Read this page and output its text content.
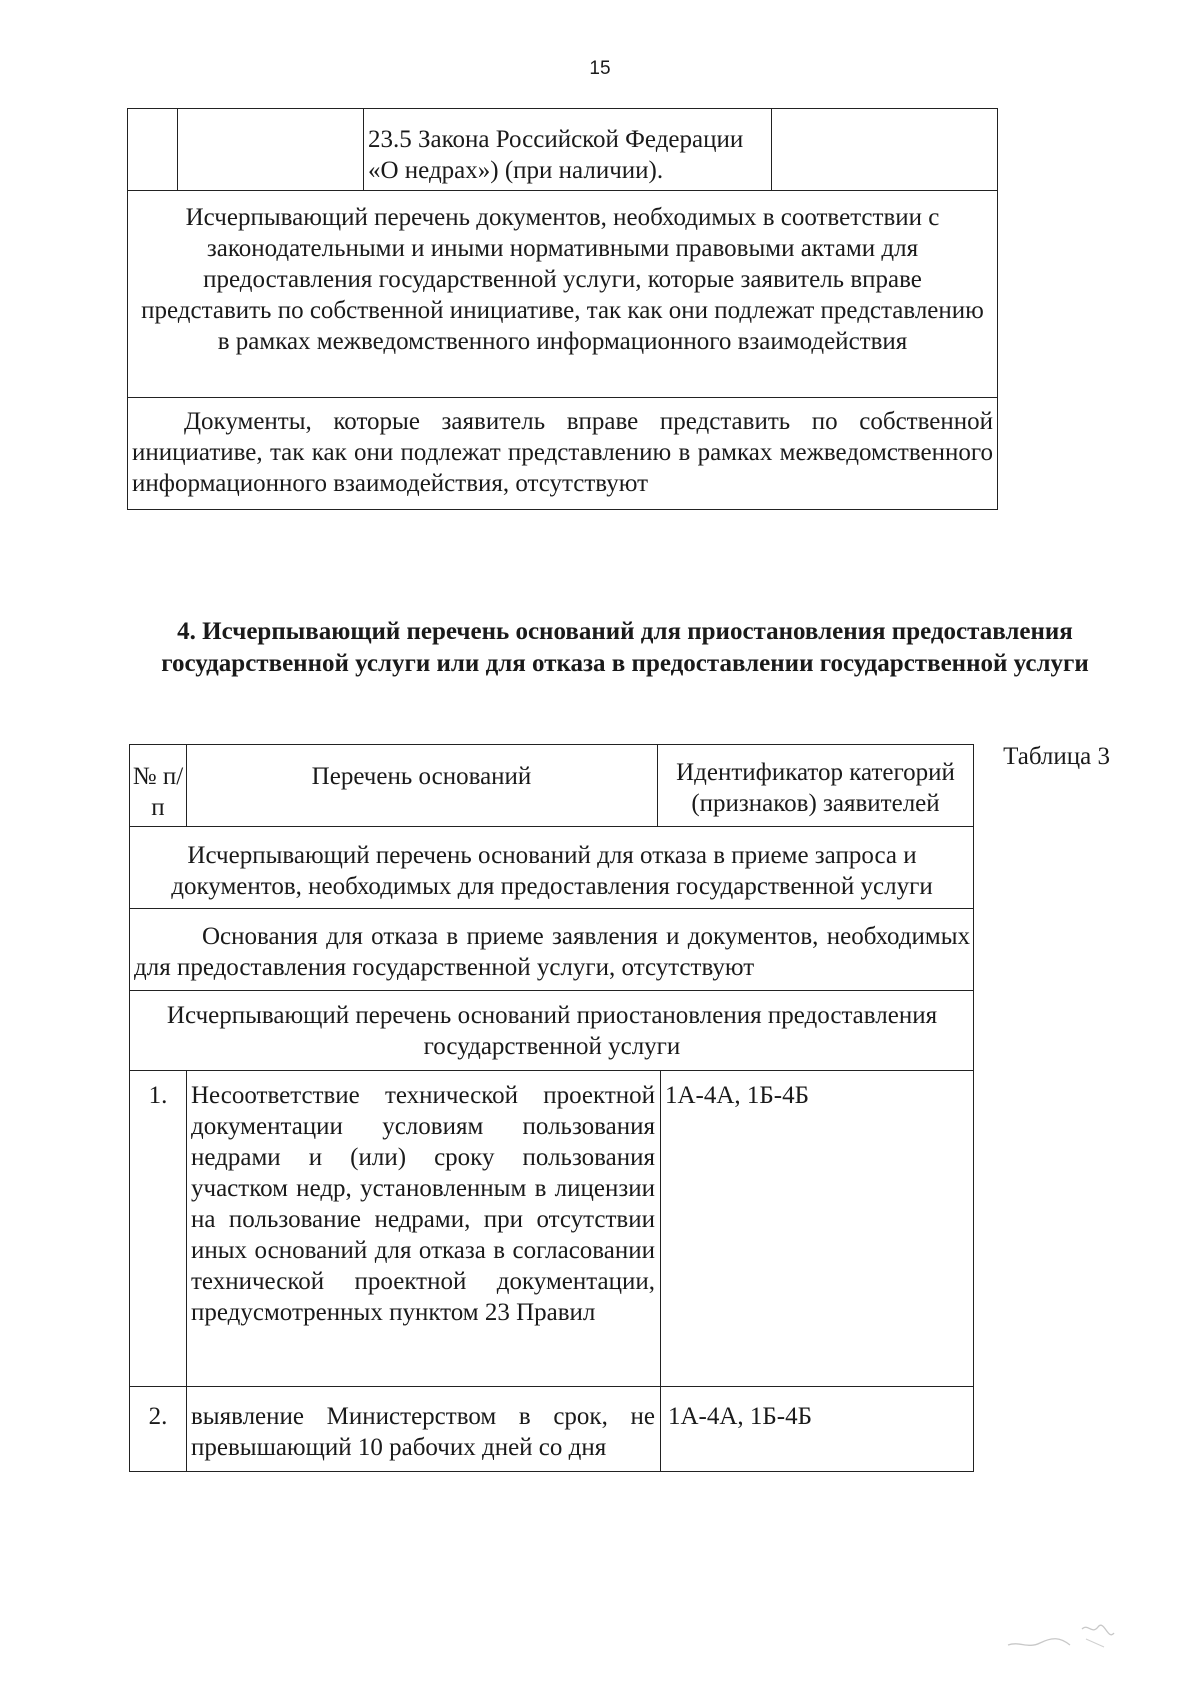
15
23.5 Закона Российской Федерации «О недрах») (при наличии).
Исчерпывающий перечень документов, необходимых в соответствии с законодательными и иными нормативными правовыми актами для предоставления государственной услуги, которые заявитель вправе представить по собственной инициативе, так как они подлежат представлению в рамках межведомственного информационного взаимодействия
Документы, которые заявитель вправе представить по собственной инициативе, так как они подлежат представлению в рамках межведомственного информационного взаимодействия, отсутствуют
4. Исчерпывающий перечень оснований для приостановления предоставления государственной услуги или для отказа в предоставлении государственной услуги
Таблица 3
№ п/п
Перечень оснований	Идентификатор категорий (признаков) заявителей
Исчерпывающий перечень оснований для отказа в приеме запроса и документов, необходимых для предоставления государственной услуги
Основания для отказа в приеме заявления и документов, необходимых для предоставления государственной услуги, отсутствуют
Исчерпывающий перечень оснований приостановления предоставления государственной услуги
1. Несоответствие технической проектной документации условиям пользования недрами и (или) сроку пользования участком недр, установленным в лицензии на пользование недрами, при отсутствии иных оснований для отказа в согласовании технической проектной документации, предусмотренных пунктом 23 Правил
1А-4А, 1Б-4Б
2. выявление Министерством в срок, не превышающий 10 рабочих дней со дня
1А-4А, 1Б-4Б
